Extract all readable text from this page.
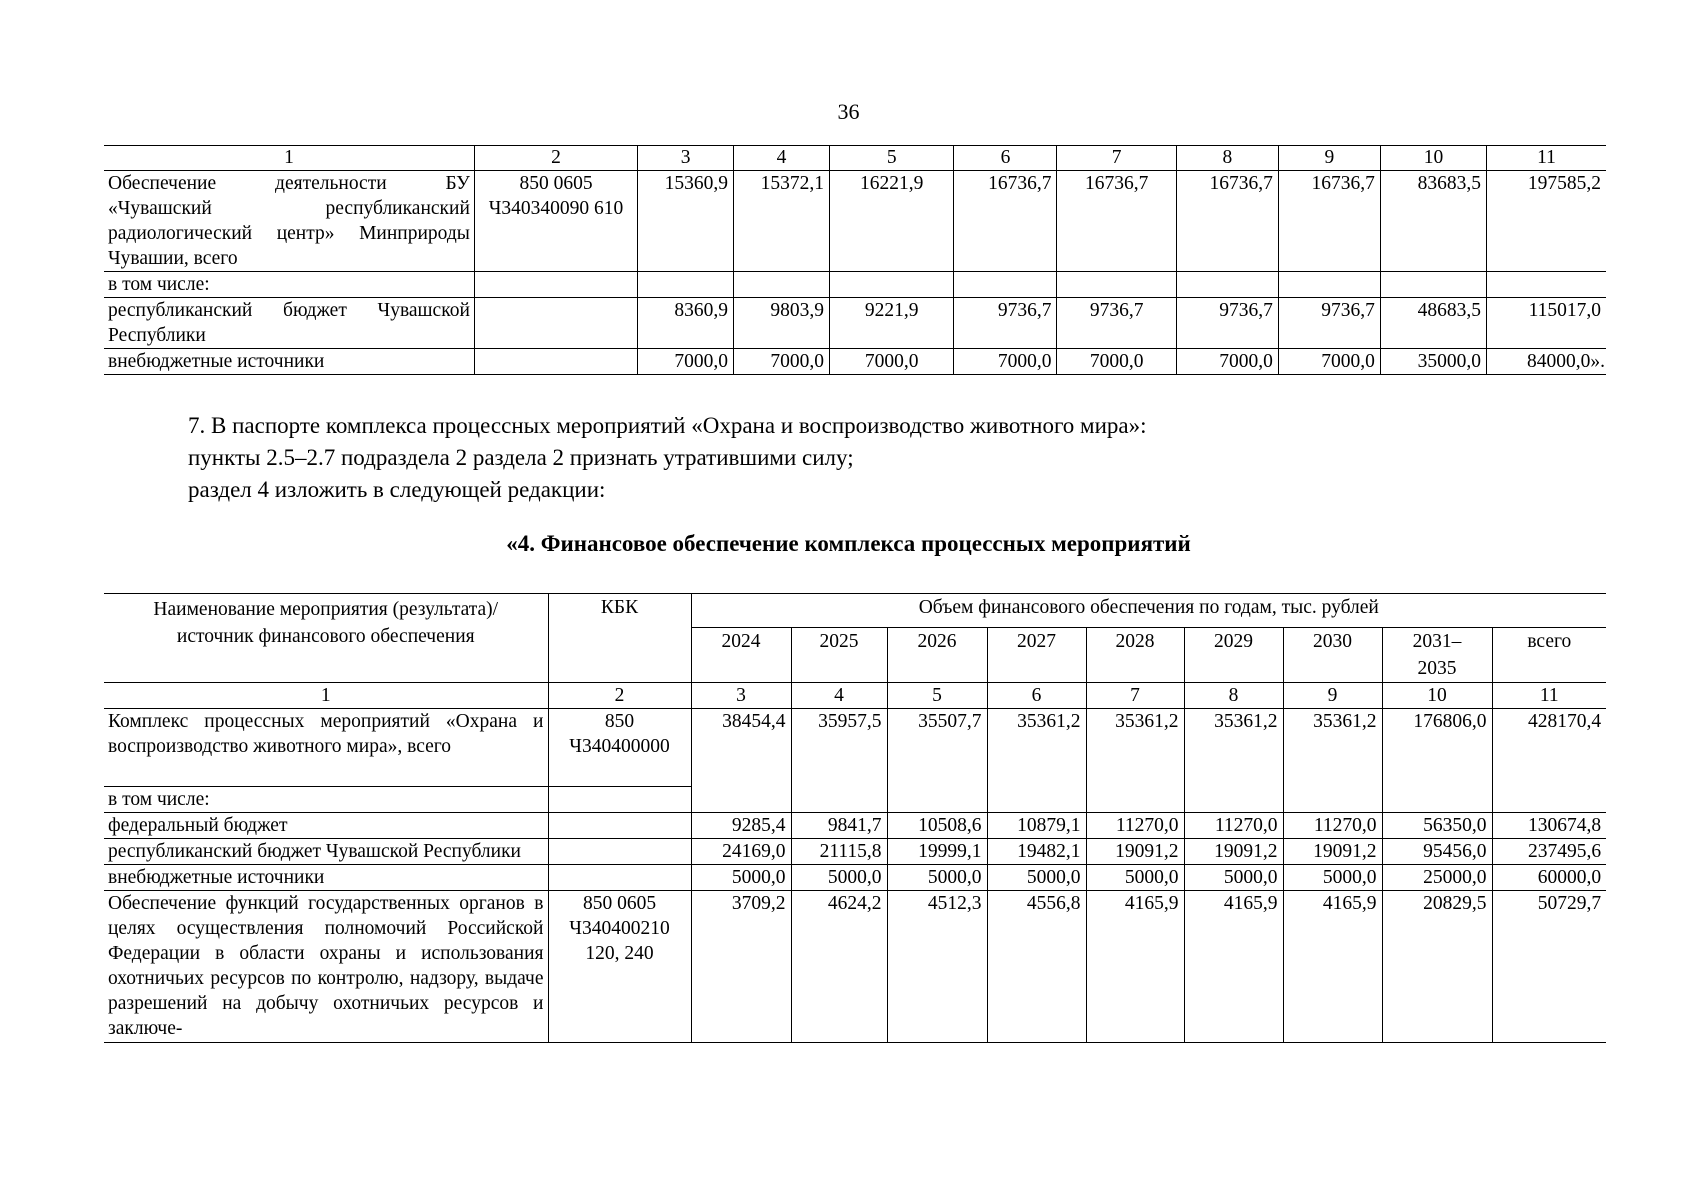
36
1	2	3	4	5	6	7	8	9	10	11
Обеспечение деятельности БУ «Чувашский республиканский радиологический центр» Минприроды Чувашии, всего	850 0605 Ч340340090 610	15360,9	15372,1	16221,9	16736,7	16736,7	16736,7	16736,7	83683,5	197585,2
в том числе:										
республиканский бюджет Чувашской Республики		8360,9	9803,9	9221,9	9736,7	9736,7	9736,7	9736,7	48683,5	115017,0
внебюджетные источники		7000,0	7000,0	7000,0	7000,0	7000,0	7000,0	7000,0	35000,0	84000,0».
7. В паспорте комплекса процессных мероприятий «Охрана и воспроизводство животного мира»:
пункты 2.5–2.7 подраздела 2 раздела 2 признать утратившими силу;
раздел 4 изложить в следующей редакции:
«4. Финансовое обеспечение комплекса процессных мероприятий
Наименование мероприятия (результата)/источник финансового обеспечения	КБК	Объем финансового обеспечения по годам, тыс. рублей								
		2024	2025	2026	2027	2028	2029	2030	2031–2035	всего
1	2	3	4	5	6	7	8	9	10	11
Комплекс процессных мероприятий «Охрана и воспроизводство животного мира», всего	850 Ч340400000	38454,4	35957,5	35507,7	35361,2	35361,2	35361,2	35361,2	176806,0	428170,4
в том числе:										
федеральный бюджет		9285,4	9841,7	10508,6	10879,1	11270,0	11270,0	11270,0	56350,0	130674,8
республиканский бюджет Чувашской Республики		24169,0	21115,8	19999,1	19482,1	19091,2	19091,2	19091,2	95456,0	237495,6
внебюджетные источники		5000,0	5000,0	5000,0	5000,0	5000,0	5000,0	5000,0	25000,0	60000,0
Обеспечение функций государственных органов в целях осуществления полномочий Российской Федерации в области охраны и использования охотничьих ресурсов по контролю, надзору, выдаче разрешений на добычу охотничьих ресурсов и заключе-	850 0605 Ч340400210 120, 240	3709,2	4624,2	4512,3	4556,8	4165,9	4165,9	4165,9	20829,5	50729,7
